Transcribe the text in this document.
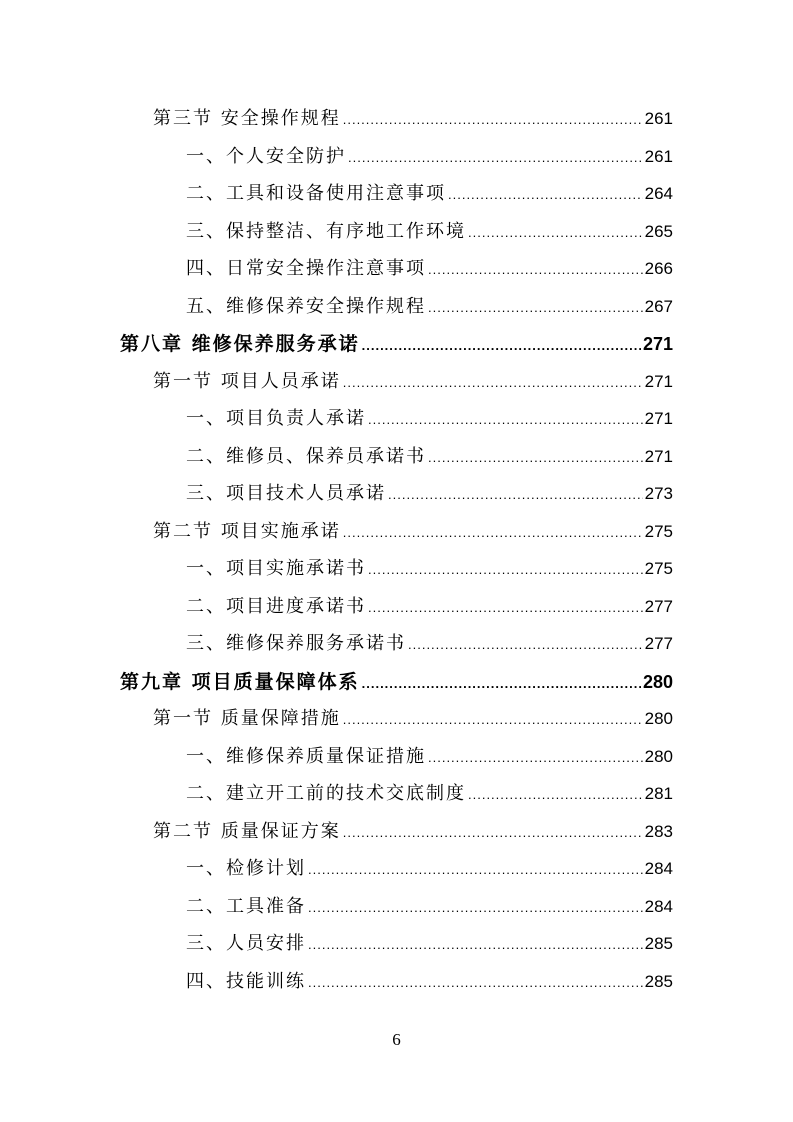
第三节 安全操作规程 .....	261
一、个人安全防护 .....	261
二、工具和设备使用注意事项 .....	264
三、保持整洁、有序地工作环境 .....	265
四、日常安全操作注意事项 .....	266
五、维修保养安全操作规程 .....	267
第八章 维修保养服务承诺 .....	271
第一节 项目人员承诺 .....	271
一、项目负责人承诺 .....	271
二、维修员、保养员承诺书 .....	271
三、项目技术人员承诺 .....	273
第二节 项目实施承诺 .....	275
一、项目实施承诺书 .....	275
二、项目进度承诺书 .....	277
三、维修保养服务承诺书 .....	277
第九章 项目质量保障体系 .....	280
第一节 质量保障措施 .....	280
一、维修保养质量保证措施 .....	280
二、建立开工前的技术交底制度 .....	281
第二节 质量保证方案 .....	283
一、检修计划 .....	284
二、工具准备 .....	284
三、人员安排 .....	285
四、技能训练 .....	285
6
